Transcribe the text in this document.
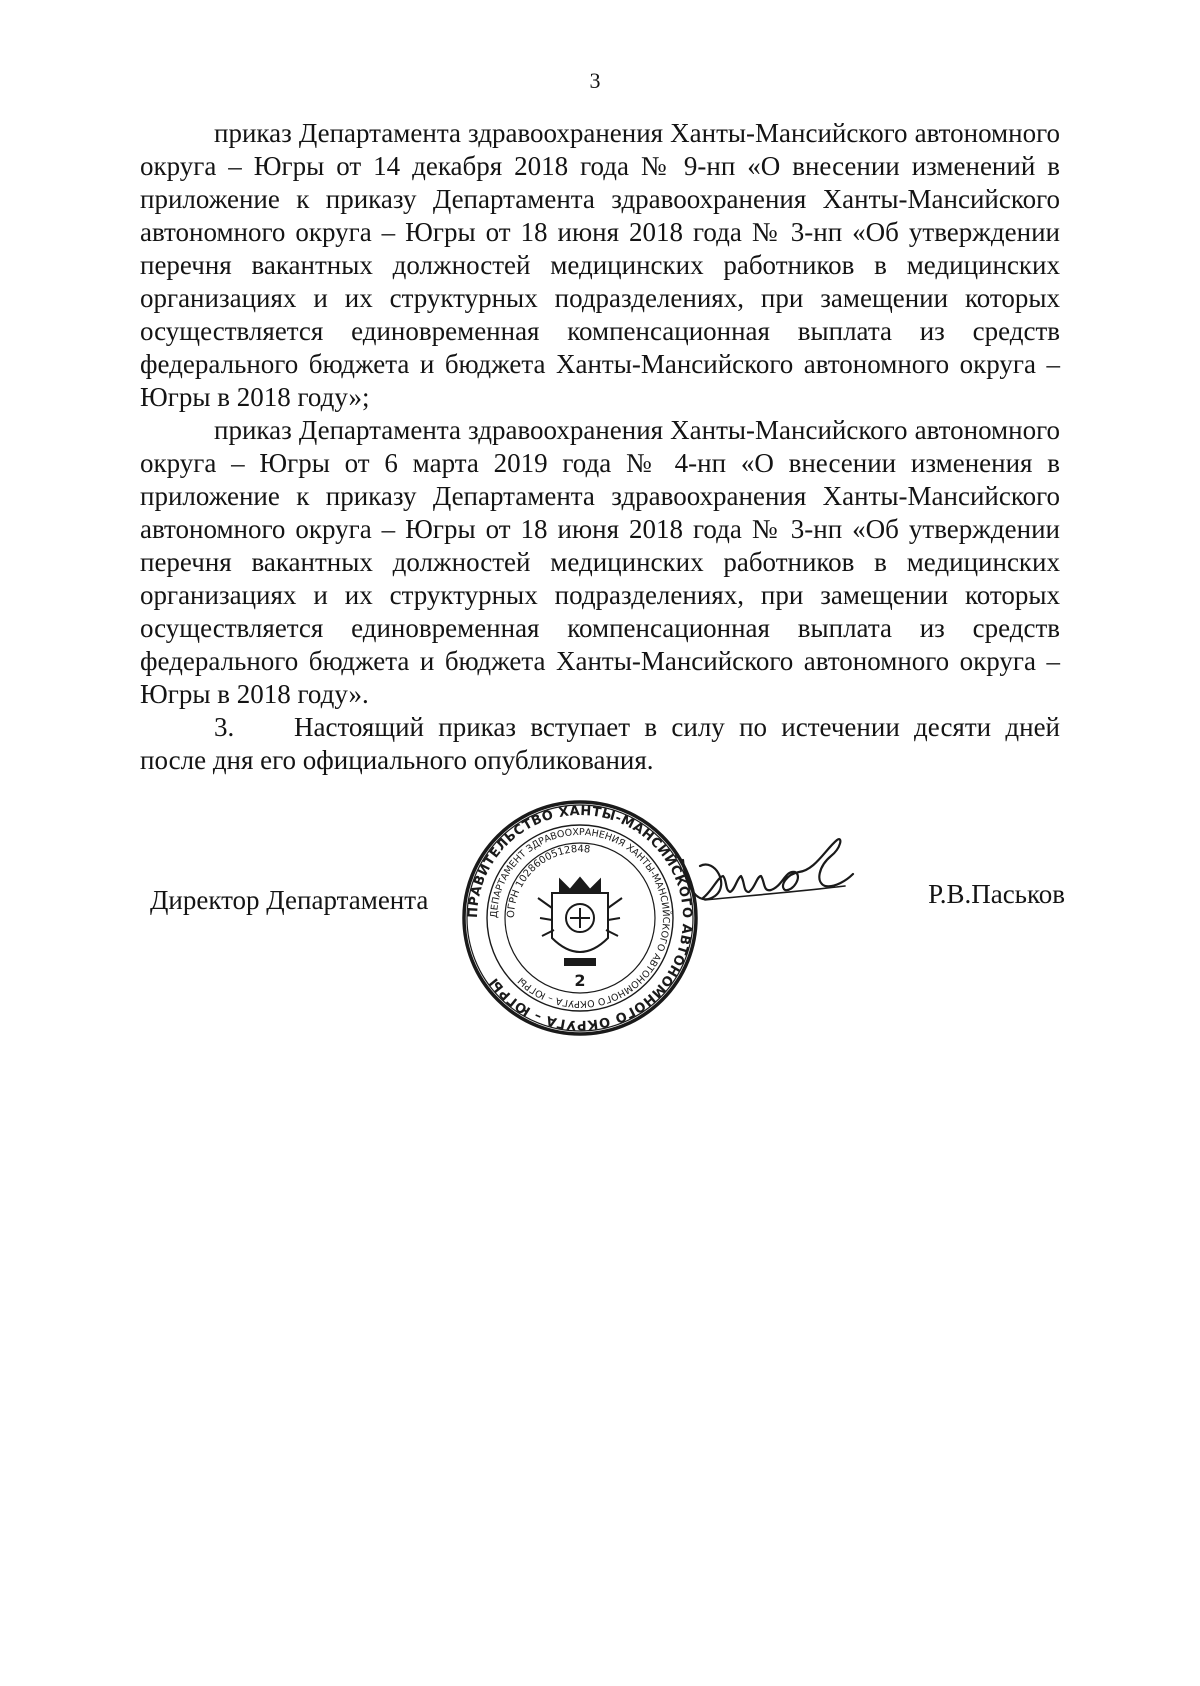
3

приказ Департамента здравоохранения Ханты-Мансийского автономного округа – Югры от 14 декабря 2018 года № 9-нп «О внесении изменений в приложение к приказу Департамента здравоохранения Ханты-Мансийского автономного округа – Югры от 18 июня 2018 года № 3-нп «Об утверждении перечня вакантных должностей медицинских работников в медицинских организациях и их структурных подразделениях, при замещении которых осуществляется единовременная компенсационная выплата из средств федерального бюджета и бюджета Ханты-Мансийского автономного округа – Югры в 2018 году»;

приказ Департамента здравоохранения Ханты-Мансийского автономного округа – Югры от 6 марта 2019 года № 4-нп «О внесении изменения в приложение к приказу Департамента здравоохранения Ханты-Мансийского автономного округа – Югры от 18 июня 2018 года № 3-нп «Об утверждении перечня вакантных должностей медицинских работников в медицинских организациях и их структурных подразделениях, при замещении которых осуществляется единовременная компенсационная выплата из средств федерального бюджета и бюджета Ханты-Мансийского автономного округа – Югры в 2018 году».

3. Настоящий приказ вступает в силу по истечении десяти дней после дня его официального опубликования.

Директор Департамента	Р.В.Паськов
ПРАВИТЕЛЬСТВО ХАНТЫ-МАНСИЙСКОГО АВТОНОМНОГО ОКРУГА – ЮГРЫ
ДЕПАРТАМЕНТ ЗДРАВООХРАНЕНИЯ ХАНТЫ-МАНСИЙСКОГО АВТОНОМНОГО ОКРУГА – ЮГРЫ
ОГРН 1028600512848
2
